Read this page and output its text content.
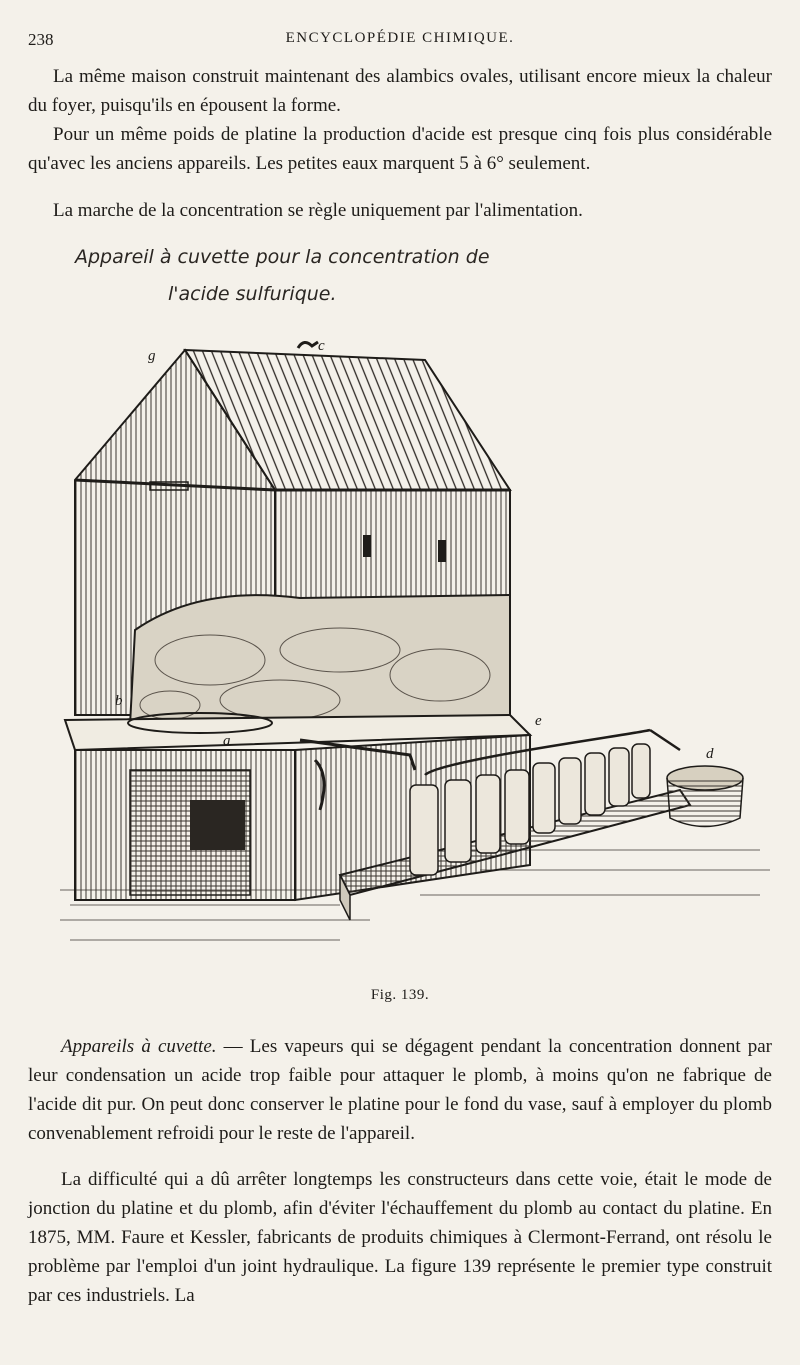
238	ENCYCLOPÉDIE CHIMIQUE.

La même maison construit maintenant des alambics ovales, utilisant encore mieux la chaleur du foyer, puisqu'ils en épousent la forme.

Pour un même poids de platine la production d'acide est presque cinq fois plus considérable qu'avec les anciens appareils. Les petites eaux marquent 5 à 6° seulement.

La marche de la concentration se règle uniquement par l'alimentation.

Appareil à cuvette pour la concentration de
l'acide sulfurique.
g
c
b
a
e
d
Fig. 139.

Appareils à cuvette. — Les vapeurs qui se dégagent pendant la concentration donnent par leur condensation un acide trop faible pour attaquer le plomb, à moins qu'on ne fabrique de l'acide dit pur. On peut donc conserver le platine pour le fond du vase, sauf à employer du plomb convenablement refroidi pour le reste de l'appareil.

La difficulté qui a dû arrêter longtemps les constructeurs dans cette voie, était le mode de jonction du platine et du plomb, afin d'éviter l'échauffement du plomb au contact du platine. En 1875, MM. Faure et Kessler, fabricants de produits chimiques à Clermont-Ferrand, ont résolu le problème par l'emploi d'un joint hydraulique. La figure 139 représente le premier type construit par ces industriels. La
